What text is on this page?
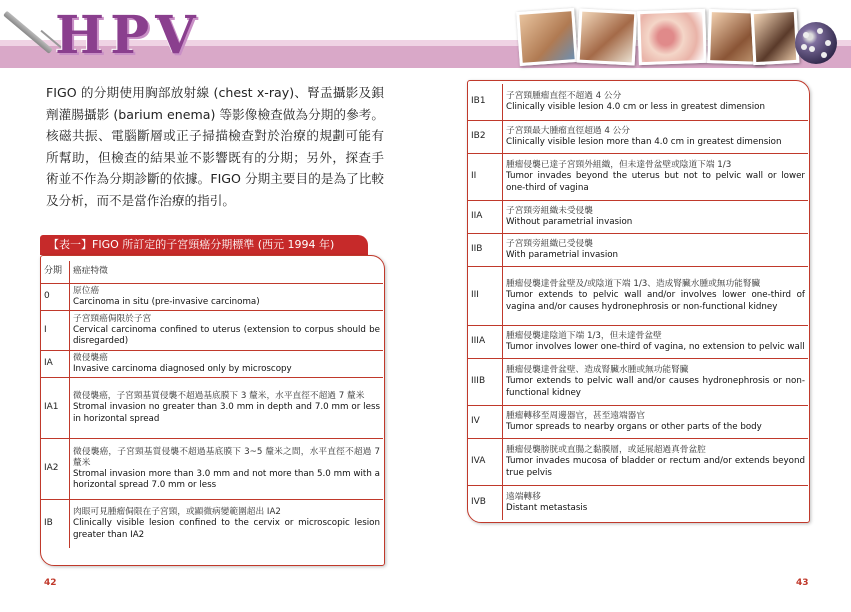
HPV
FIGO 的分期使用胸部放射線 (chest x-ray)、腎盂攝影及鋇劑灌腸攝影 (barium enema) 等影像檢查做為分期的參考。核磁共振、電腦斷層或正子掃描檢查對於治療的規劃可能有所幫助，但檢查的結果並不影響既有的分期；另外，探查手術並不作為分期診斷的依據。FIGO 分期主要目的是為了比較及分析，而不是當作治療的指引。
【表一】FIGO 所訂定的子宮頸癌分期標準 (西元 1994 年)
分期	癌症特徵
0	原位癌
Carcinoma in situ (pre-invasive carcinoma)

I	子宮頸癌侷限於子宮
Cervical carcinoma confined to uterus (extension to corpus should be disregarded)

IA	微侵襲癌
Invasive carcinoma diagnosed only by microscopy

IA1	微侵襲癌，子宮頸基質侵襲不超過基底膜下 3 釐米，水平直徑不超過 7 釐米
Stromal invasion no greater than 3.0 mm in depth and 7.0 mm or less in horizontal spread

IA2	微侵襲癌，子宮頸基質侵襲不超過基底膜下 3~5 釐米之間，水平直徑不超過 7 釐米
Stromal invasion more than 3.0 mm and not more than 5.0 mm with a horizontal spread 7.0 mm or less

IB	肉眼可見腫瘤侷限在子宮頸，或顯微病變範圍超出 IA2
Clinically visible lesion confined to the cervix or microscopic lesion greater than IA2
IB1	子宮頸腫瘤直徑不超過 4 公分
Clinically visible lesion 4.0 cm or less in greatest dimension

IB2	子宮頸最大腫瘤直徑超過 4 公分
Clinically visible lesion more than 4.0 cm in greatest dimension

II	腫瘤侵襲已達子宮頸外組織，但未達骨盆壁或陰道下端 1/3
Tumor invades beyond the uterus but not to pelvic wall or lower one-third of vagina

IIA	子宮頸旁組織未受侵襲
Without parametrial invasion

IIB	子宮頸旁組織已受侵襲
With parametrial invasion

III	腫瘤侵襲達骨盆壁及/或陰道下端 1/3、造成腎臟水腫或無功能腎臟
Tumor extends to pelvic wall and/or involves lower one-third of vagina and/or causes hydronephrosis or non-functional kidney

IIIA	腫瘤侵襲達陰道下端 1/3，但未達骨盆壁
Tumor involves lower one-third of vagina, no extension to pelvic wall

IIIB	腫瘤侵襲達骨盆壁、造成腎臟水腫或無功能腎臟
Tumor extends to pelvic wall and/or causes hydronephrosis or non-functional kidney

IV	腫瘤轉移至周邊器官，甚至遠端器官
Tumor spreads to nearby organs or other parts of the body

IVA	腫瘤侵襲膀胱或直腸之黏膜層，或延展超過真骨盆腔
Tumor invades mucosa of bladder or rectum and/or extends beyond true pelvis

IVB	遠端轉移
Distant metastasis
42	43
